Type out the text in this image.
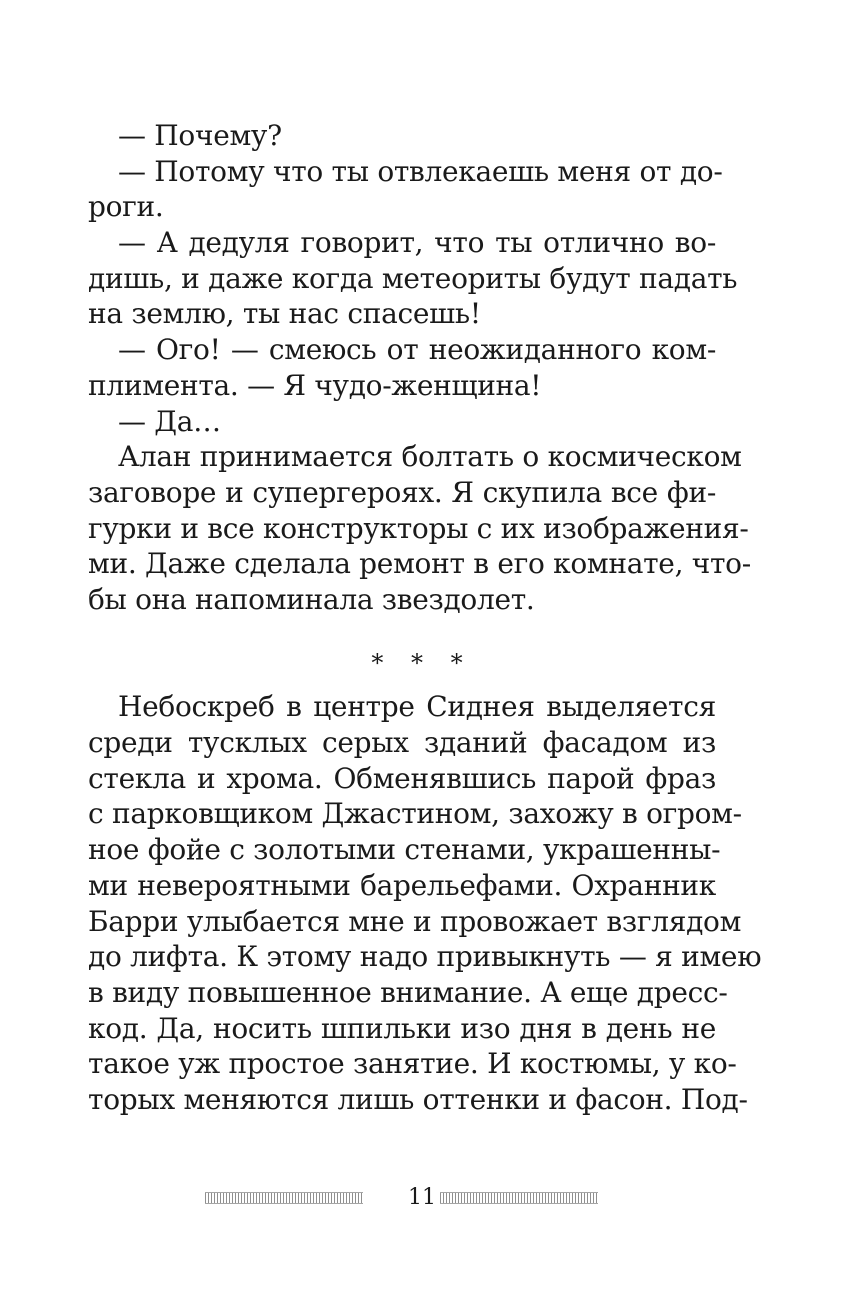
— Почему?
— Потому что ты отвлекаешь меня от до-
роги.
— А дедуля говорит, что ты отлично во-
дишь, и даже когда метеориты будут падать
на землю, ты нас спасешь!
— Ого! — смеюсь от неожиданного ком-
плимента. — Я чудо-женщина!
— Да…
Алан принимается болтать о космическом
заговоре и супергероях. Я скупила все фи-
гурки и все конструкторы с их изображения-
ми. Даже сделала ремонт в его комнате, что-
бы она напоминала звездолет.
Небоскреб в центре Сиднея выделяется
среди тусклых серых зданий фасадом из
стекла и хрома. Обменявшись парой фраз
с парковщиком Джастином, захожу в огром-
ное фойе с золотыми стенами, украшенны-
ми невероятными барельефами. Охранник
Барри улыбается мне и провожает взглядом
до лифта. К этому надо привыкнуть — я имею
в виду повышенное внимание. А еще дресс-
код. Да, носить шпильки изо дня в день не
такое уж простое занятие. И костюмы, у ко-
торых меняются лишь оттенки и фасон. Под-
* * *
11
